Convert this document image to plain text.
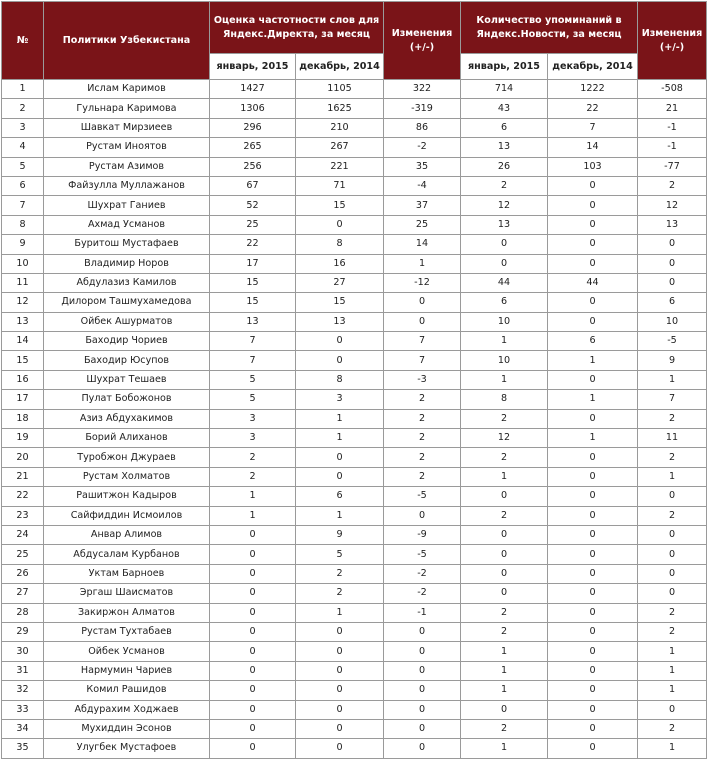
№	Политики Узбекистана	Оценка частотности слов для Яндекс.Директа, за месяц		Изменения (+/-)	Количество упоминаний в Яндекс.Новости, за месяц		Изменения (+/-)
		январь, 2015	декабрь, 2014		январь, 2015	декабрь, 2014	
1	Ислам Каримов	1427	1105	322	714	1222	-508
2	Гульнара Каримова	1306	1625	-319	43	22	21
3	Шавкат Мирзиеев	296	210	86	6	7	-1
4	Рустам Иноятов	265	267	-2	13	14	-1
5	Рустам Азимов	256	221	35	26	103	-77
6	Файзулла Муллажанов	67	71	-4	2	0	2
7	Шухрат Ганиев	52	15	37	12	0	12
8	Ахмад Усманов	25	0	25	13	0	13
9	Буритош Мустафаев	22	8	14	0	0	0
10	Владимир Норов	17	16	1	0	0	0
11	Абдулазиз Камилов	15	27	-12	44	44	0
12	Дилором Ташмухамедова	15	15	0	6	0	6
13	Ойбек Ашурматов	13	13	0	10	0	10
14	Баходир Чориев	7	0	7	1	6	-5
15	Баходир Юсупов	7	0	7	10	1	9
16	Шухрат Тешаев	5	8	-3	1	0	1
17	Пулат Бобожонов	5	3	2	8	1	7
18	Азиз Абдухакимов	3	1	2	2	0	2
19	Борий Алиханов	3	1	2	12	1	11
20	Туробжон Джураев	2	0	2	2	0	2
21	Рустам Холматов	2	0	2	1	0	1
22	Рашитжон Кадыров	1	6	-5	0	0	0
23	Сайфиддин Исмоилов	1	1	0	2	0	2
24	Анвар Алимов	0	9	-9	0	0	0
25	Абдусалам Курбанов	0	5	-5	0	0	0
26	Уктам Барноев	0	2	-2	0	0	0
27	Эргаш Шаисматов	0	2	-2	0	0	0
28	Закиржон Алматов	0	1	-1	2	0	2
29	Рустам Тухтабаев	0	0	0	2	0	2
30	Ойбек Усманов	0	0	0	1	0	1
31	Нармумин Чариев	0	0	0	1	0	1
32	Комил Рашидов	0	0	0	1	0	1
33	Абдурахим Ходжаев	0	0	0	0	0	0
34	Мухиддин Эсонов	0	0	0	2	0	2
35	Улугбек Мустафоев	0	0	0	1	0	1
